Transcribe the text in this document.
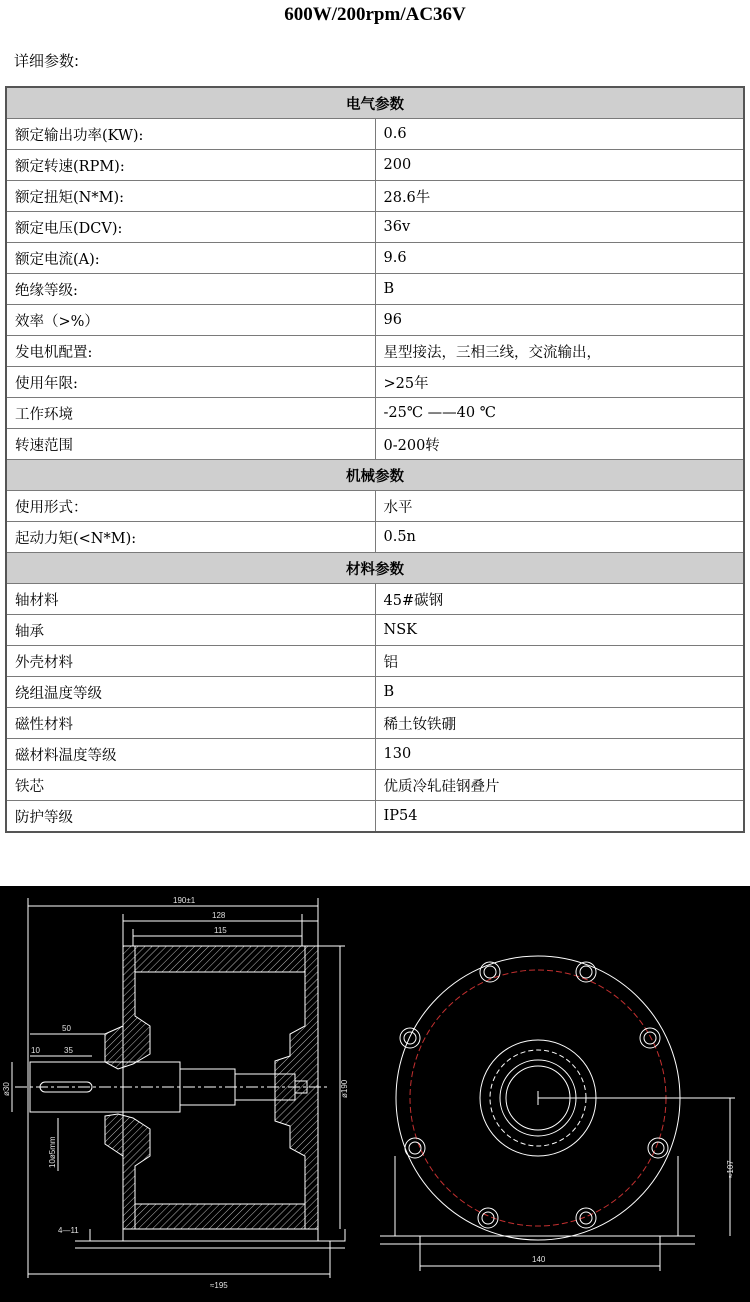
600W/200rpm/AC36V
详细参数:
电气参数	
额定输出功率(KW):	0.6
额定转速(RPM):	200
额定扭矩(N*M):	28.6牛
额定电压(DCV):	36v
额定电流(A):	9.6
绝缘等级:	B
效率（>%）	96
发电机配置:	星型接法，三相三线，交流输出，
使用年限:	>25年
工作环境	-25℃ ——40 ℃
转速范围	0-200转
机械参数	
使用形式：	水平
起动力矩(<N*M):	0.5n
材料参数	
轴材料	45#碳钢
轴承	NSK
外壳材料	铝
绕组温度等级	B
磁性材料	稀土钕铁硼
磁材料温度等级	130
铁芯	优质冷轧硅钢叠片
防护等级	IP54
190±1
128
115
50
10	35
ø30
10ø5mm
4—11
≈195
ø190
≈107
140
